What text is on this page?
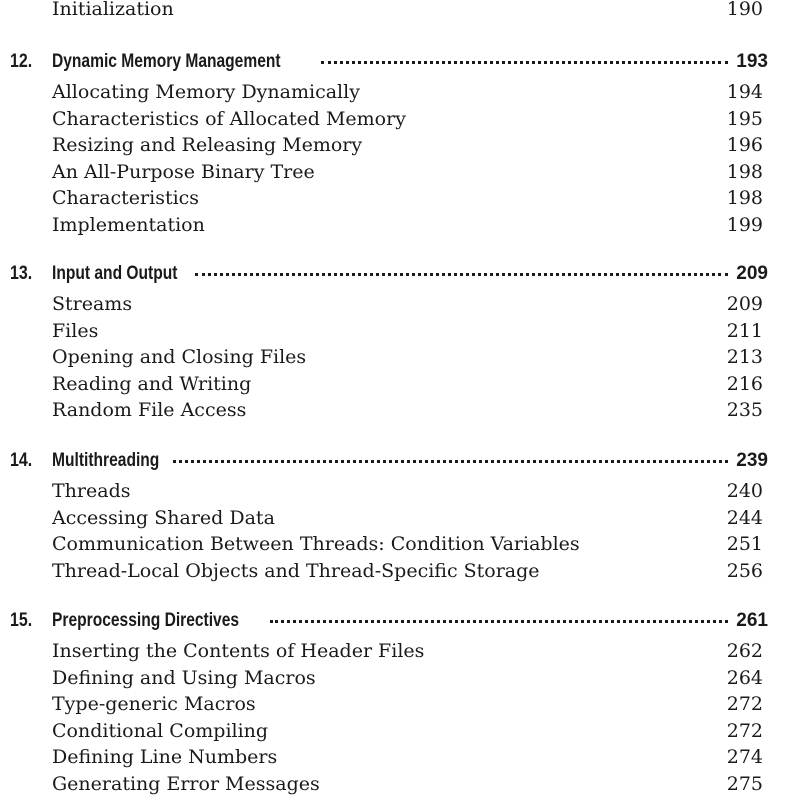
Initialization	190
12. Dynamic Memory Management	193
Allocating Memory Dynamically	194
Characteristics of Allocated Memory	195
Resizing and Releasing Memory	196
An All-Purpose Binary Tree	198
Characteristics	198
Implementation	199
13. Input and Output	209
Streams	209
Files	211
Opening and Closing Files	213
Reading and Writing	216
Random File Access	235
14. Multithreading	239
Threads	240
Accessing Shared Data	244
Communication Between Threads: Condition Variables	251
Thread-Local Objects and Thread-Specific Storage	256
15. Preprocessing Directives	261
Inserting the Contents of Header Files	262
Defining and Using Macros	264
Type-generic Macros	272
Conditional Compiling	272
Defining Line Numbers	274
Generating Error Messages	275
